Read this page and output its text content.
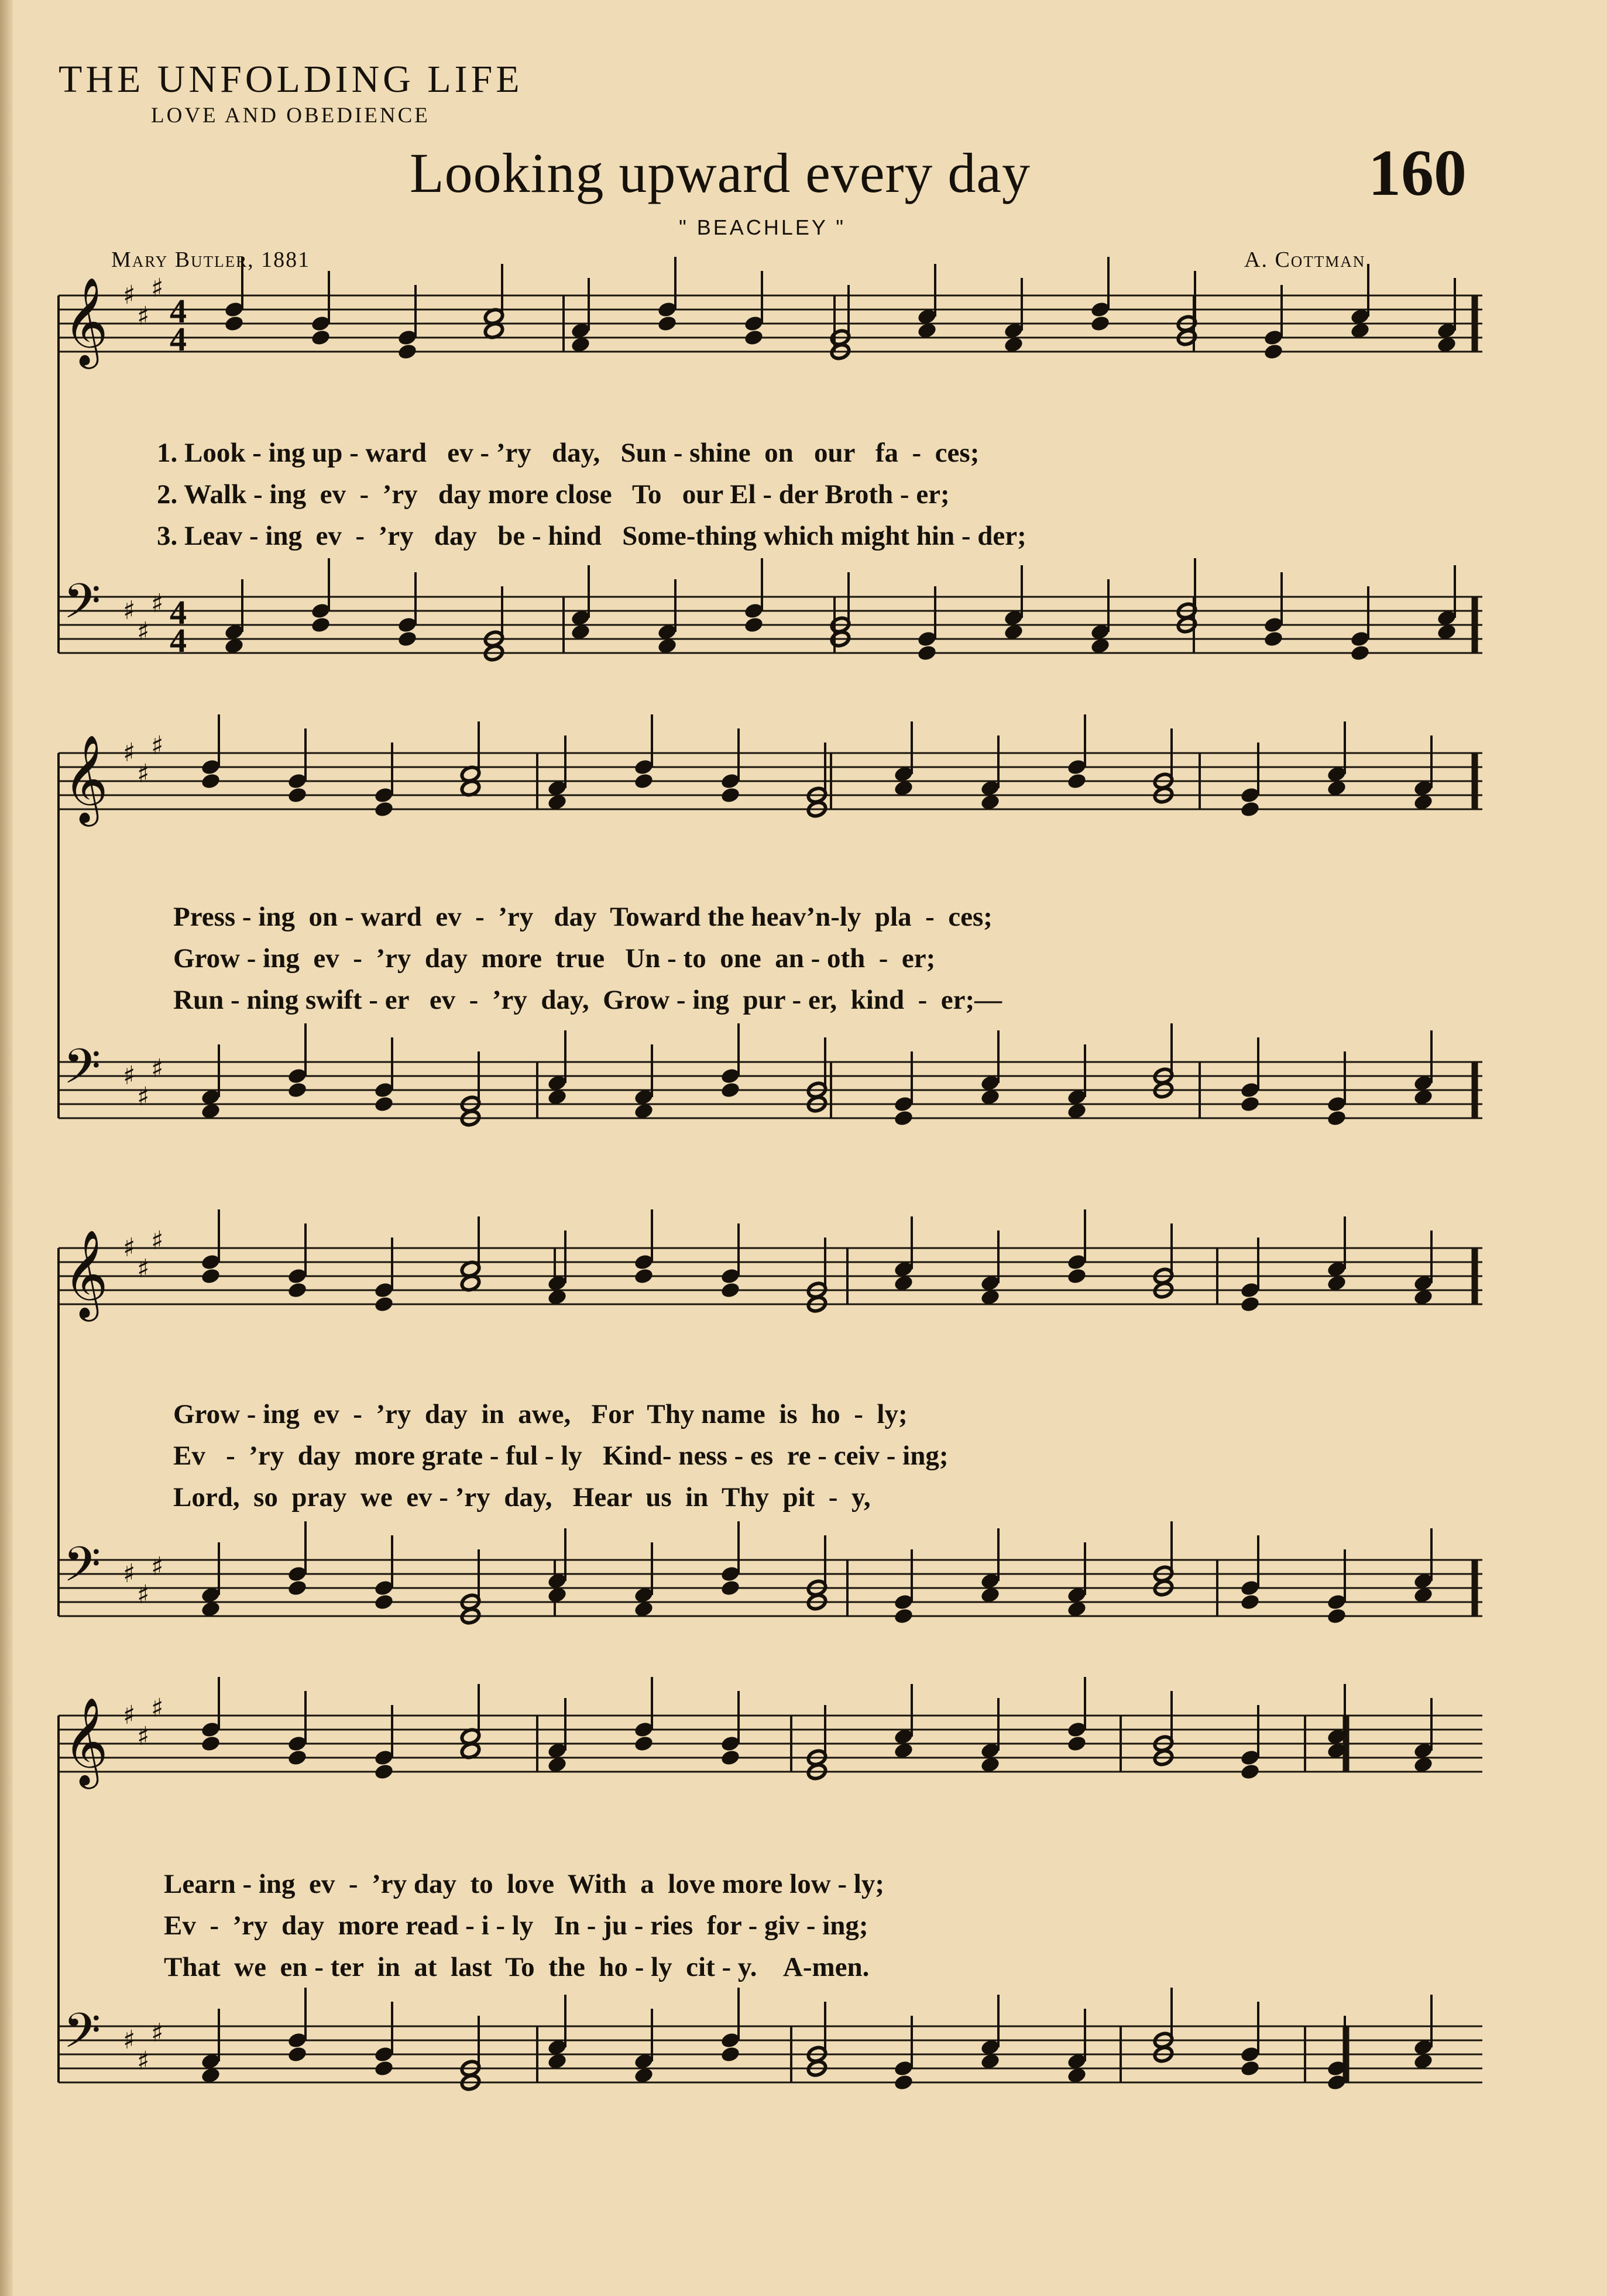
THE UNFOLDING LIFE
LOVE AND OBEDIENCE
Looking upward every day	160
" BEACHLEY "
Mary Butler, 1881	A. Cottman
𝄞 ♯
♯
♯
4
4
𝄢 ♯
♯
♯ 4
4
𝄞 ♯
♯
♯
𝄢 ♯
♯
♯
𝄞 ♯
♯
♯
𝄢 ♯
♯
♯
𝄞 ♯
♯
♯
𝄢 ♯
♯
♯
1. Look - ing up - ward   ev - ’ry   day,   Sun - shine  on   our   fa  -  ces;
2. Walk - ing  ev  -  ’ry   day more close   To   our El - der Broth - er;
3. Leav - ing  ev  -  ’ry   day   be - hind   Some-thing which might hin - der;
Press - ing  on - ward  ev  -  ’ry   day  Toward the heav’n-ly  pla  -  ces;
Grow - ing  ev  -  ’ry  day  more  true   Un - to  one  an - oth  -  er;
Run - ning swift - er   ev  -  ’ry  day,  Grow - ing  pur - er,  kind  -  er;—
Grow - ing  ev  -  ’ry  day  in  awe,   For  Thy name  is  ho  -  ly;
Ev   -  ’ry  day  more grate - ful - ly   Kind- ness - es  re - ceiv - ing;
Lord,  so  pray  we  ev - ’ry  day,   Hear  us  in  Thy  pit  -  y,
Learn - ing  ev  -  ’ry day  to  love  With  a  love more low - ly;
Ev  -  ’ry  day  more read - i - ly   In - ju - ries  for - giv - ing;
That  we  en - ter  in  at  last  To  the  ho - ly  cit - y.    A-men.
